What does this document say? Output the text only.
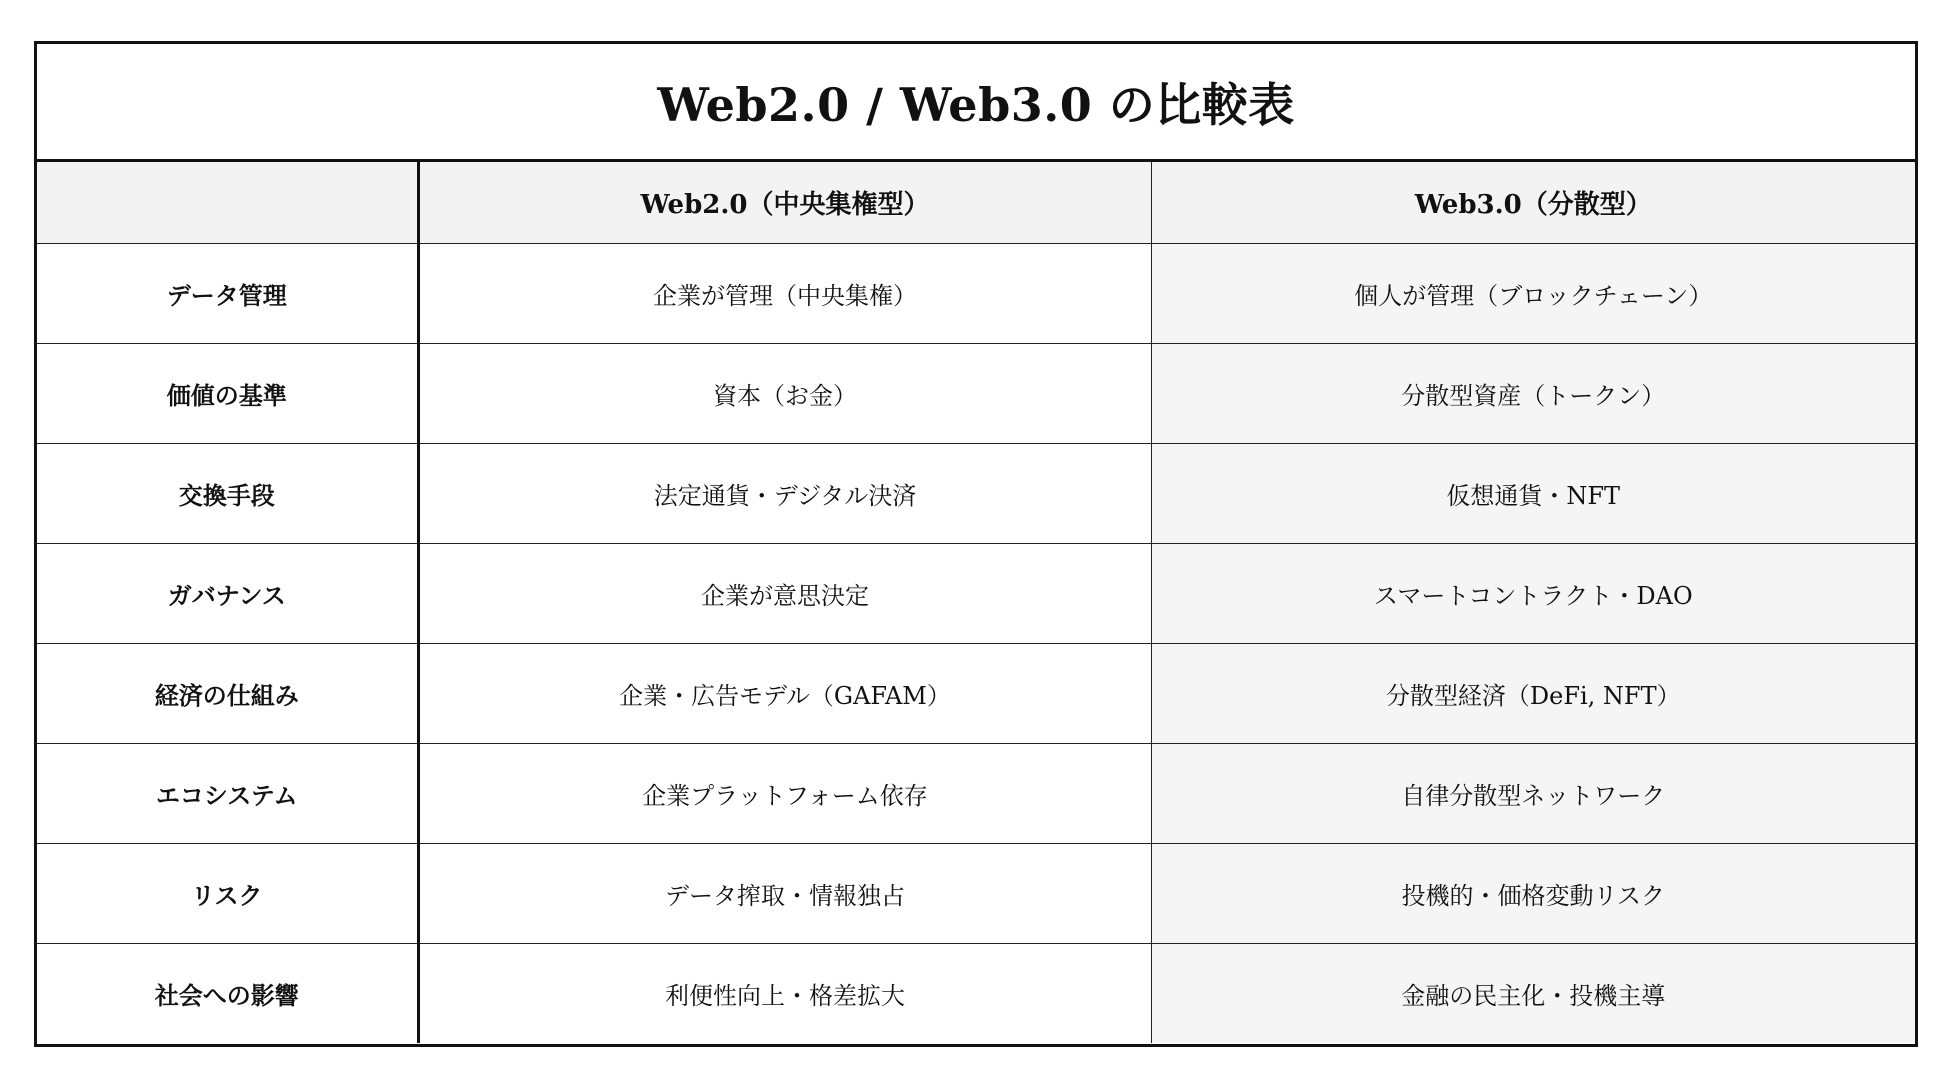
Web2.0 / Web3.0 の比較表
	Web2.0（中央集権型）	Web3.0（分散型）
データ管理	企業が管理（中央集権）	個人が管理（ブロックチェーン）
価値の基準	資本（お金）	分散型資産（トークン）
交換手段	法定通貨・デジタル決済	仮想通貨・NFT
ガバナンス	企業が意思決定	スマートコントラクト・DAO
経済の仕組み	企業・広告モデル（GAFAM）	分散型経済（DeFi, NFT）
エコシステム	企業プラットフォーム依存	自律分散型ネットワーク
リスク	データ搾取・情報独占	投機的・価格変動リスク
社会への影響	利便性向上・格差拡大	金融の民主化・投機主導
